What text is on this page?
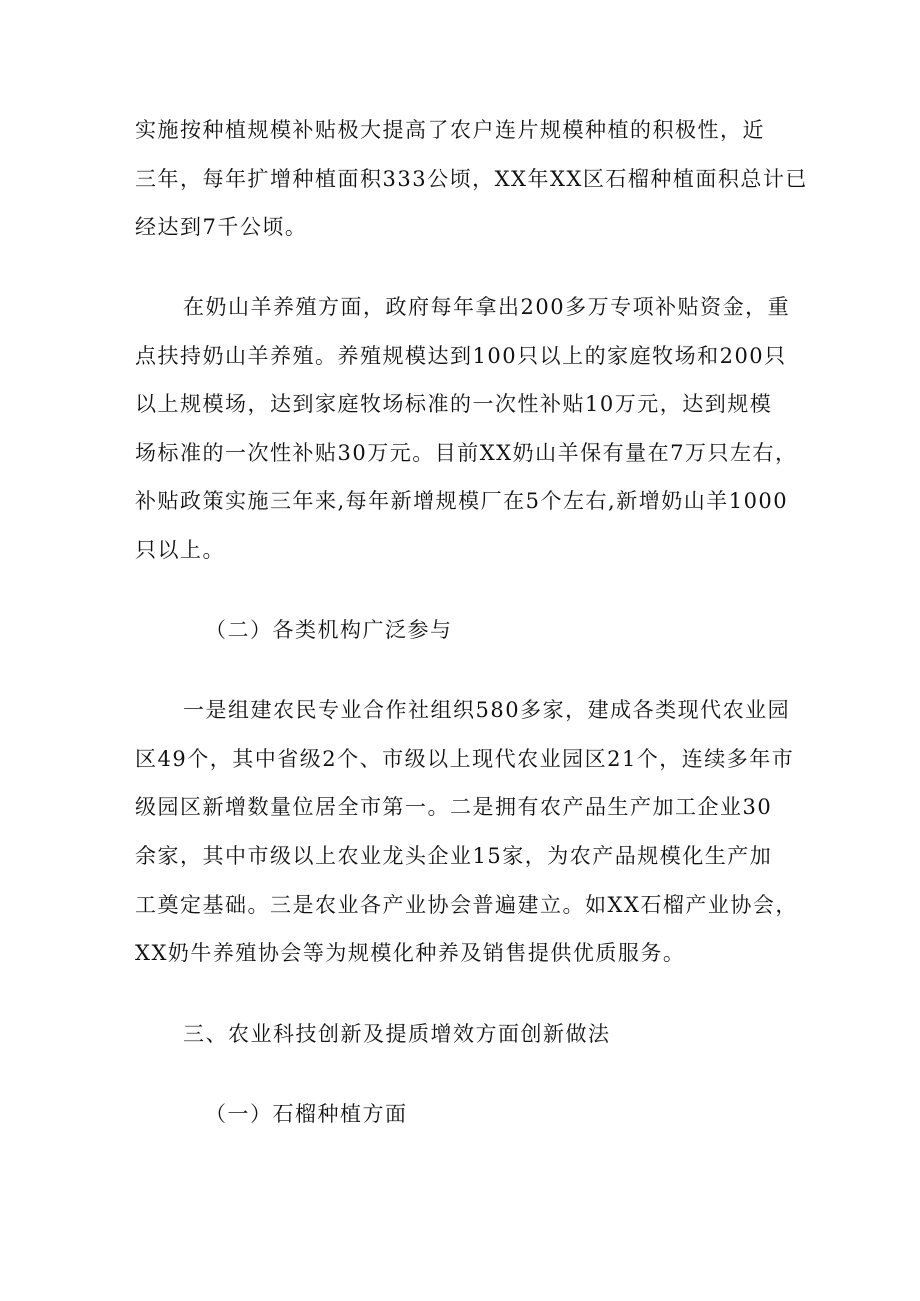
实施按种植规模补贴极大提高了农户连片规模种植的积极性，近
三年，每年扩增种植面积333公顷，XX年XX区石榴种植面积总计已
经达到7千公顷。
在奶山羊养殖方面，政府每年拿出200多万专项补贴资金，重
点扶持奶山羊养殖。养殖规模达到100只以上的家庭牧场和200只
以上规模场，达到家庭牧场标准的一次性补贴10万元，达到规模
场标准的一次性补贴30万元。目前XX奶山羊保有量在7万只左右，
补贴政策实施三年来,每年新增规模厂在5个左右,新增奶山羊1000
只以上。
（二）各类机构广泛参与
一是组建农民专业合作社组织580多家，建成各类现代农业园
区49个，其中省级2个、市级以上现代农业园区21个，连续多年市
级园区新增数量位居全市第一。二是拥有农产品生产加工企业30
余家，其中市级以上农业龙头企业15家，为农产品规模化生产加
工奠定基础。三是农业各产业协会普遍建立。如XX石榴产业协会，
XX奶牛养殖协会等为规模化种养及销售提供优质服务。
三、农业科技创新及提质增效方面创新做法
（一）石榴种植方面
